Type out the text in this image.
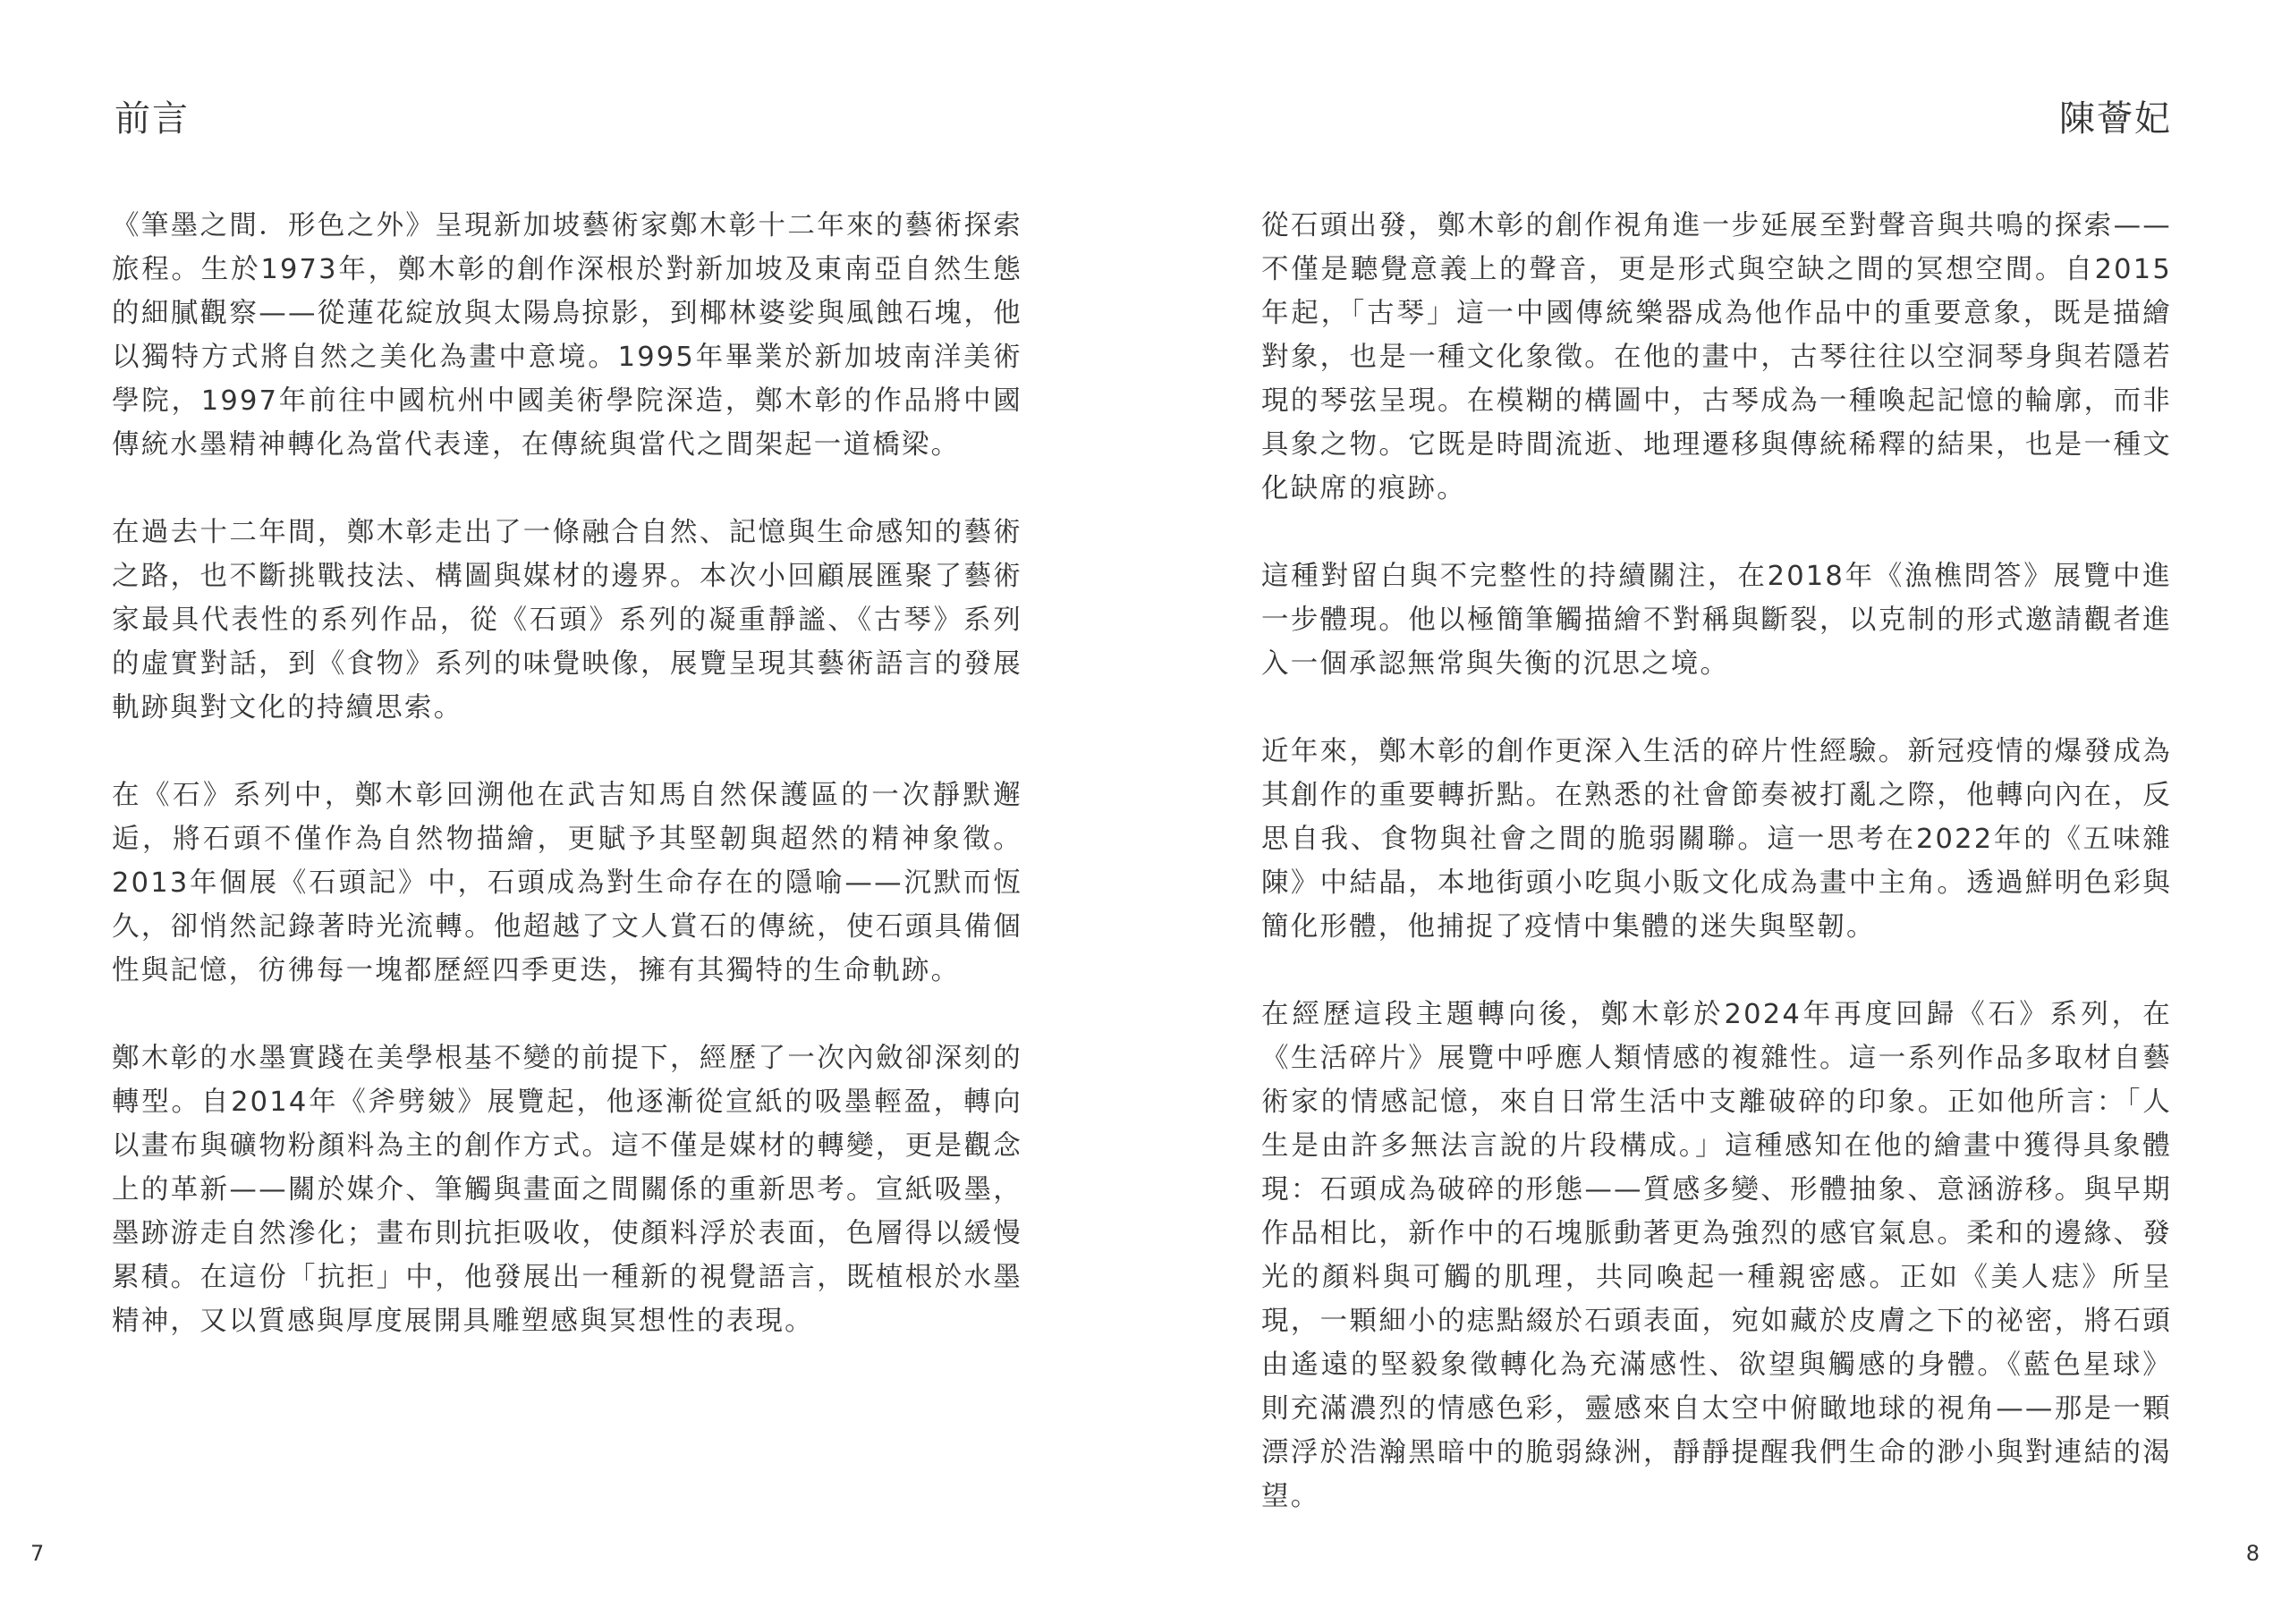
前言

《筆墨之間．形色之外》呈現新加坡藝術家鄭木彰十二年來的藝術探索旅程。生於1973年，鄭木彰的創作深根於對新加坡及東南亞自然生態的細膩觀察——從蓮花綻放與太陽鳥掠影，到椰林婆娑與風蝕石塊，他以獨特方式將自然之美化為畫中意境。1995年畢業於新加坡南洋美術學院，1997年前往中國杭州中國美術學院深造，鄭木彰的作品將中國傳統水墨精神轉化為當代表達，在傳統與當代之間架起一道橋梁。

在過去十二年間，鄭木彰走出了一條融合自然、記憶與生命感知的藝術之路，也不斷挑戰技法、構圖與媒材的邊界。本次小回顧展匯聚了藝術家最具代表性的系列作品，從《石頭》系列的凝重靜謐、《古琴》系列的虛實對話，到《食物》系列的味覺映像，展覽呈現其藝術語言的發展軌跡與對文化的持續思索。

在《石》系列中，鄭木彰回溯他在武吉知馬自然保護區的一次靜默邂逅，將石頭不僅作為自然物描繪，更賦予其堅韌與超然的精神象徵。2013年個展《石頭記》中，石頭成為對生命存在的隱喻——沉默而恆久，卻悄然記錄著時光流轉。他超越了文人賞石的傳統，使石頭具備個性與記憶，彷彿每一塊都歷經四季更迭，擁有其獨特的生命軌跡。

鄭木彰的水墨實踐在美學根基不變的前提下，經歷了一次內斂卻深刻的轉型。自2014年《斧劈皴》展覽起，他逐漸從宣紙的吸墨輕盈，轉向以畫布與礦物粉顏料為主的創作方式。這不僅是媒材的轉變，更是觀念上的革新——關於媒介、筆觸與畫面之間關係的重新思考。宣紙吸墨，墨跡游走自然滲化；畫布則抗拒吸收，使顏料浮於表面，色層得以緩慢累積。在這份「抗拒」中，他發展出一種新的視覺語言，既植根於水墨精神，又以質感與厚度展開具雕塑感與冥想性的表現。

7
陳薈妃

從石頭出發，鄭木彰的創作視角進一步延展至對聲音與共鳴的探索——不僅是聽覺意義上的聲音，更是形式與空缺之間的冥想空間。自2015年起，「古琴」這一中國傳統樂器成為他作品中的重要意象，既是描繪對象，也是一種文化象徵。在他的畫中，古琴往往以空洞琴身與若隱若現的琴弦呈現。在模糊的構圖中，古琴成為一種喚起記憶的輪廓，而非具象之物。它既是時間流逝、地理遷移與傳統稀釋的結果，也是一種文化缺席的痕跡。

這種對留白與不完整性的持續關注，在2018年《漁樵問答》展覽中進一步體現。他以極簡筆觸描繪不對稱與斷裂，以克制的形式邀請觀者進入一個承認無常與失衡的沉思之境。

近年來，鄭木彰的創作更深入生活的碎片性經驗。新冠疫情的爆發成為其創作的重要轉折點。在熟悉的社會節奏被打亂之際，他轉向內在，反思自我、食物與社會之間的脆弱關聯。這一思考在2022年的《五味雜陳》中結晶，本地街頭小吃與小販文化成為畫中主角。透過鮮明色彩與簡化形體，他捕捉了疫情中集體的迷失與堅韌。

在經歷這段主題轉向後，鄭木彰於2024年再度回歸《石》系列，在《生活碎片》展覽中呼應人類情感的複雜性。這一系列作品多取材自藝術家的情感記憶，來自日常生活中支離破碎的印象。正如他所言：「人生是由許多無法言說的片段構成。」這種感知在他的繪畫中獲得具象體現：石頭成為破碎的形態——質感多變、形體抽象、意涵游移。與早期作品相比，新作中的石塊脈動著更為強烈的感官氣息。柔和的邊緣、發光的顏料與可觸的肌理，共同喚起一種親密感。正如《美人痣》所呈現，一顆細小的痣點綴於石頭表面，宛如藏於皮膚之下的祕密，將石頭由遙遠的堅毅象徵轉化為充滿感性、欲望與觸感的身體。《藍色星球》則充滿濃烈的情感色彩，靈感來自太空中俯瞰地球的視角——那是一顆漂浮於浩瀚黑暗中的脆弱綠洲，靜靜提醒我們生命的渺小與對連結的渴望。

8
